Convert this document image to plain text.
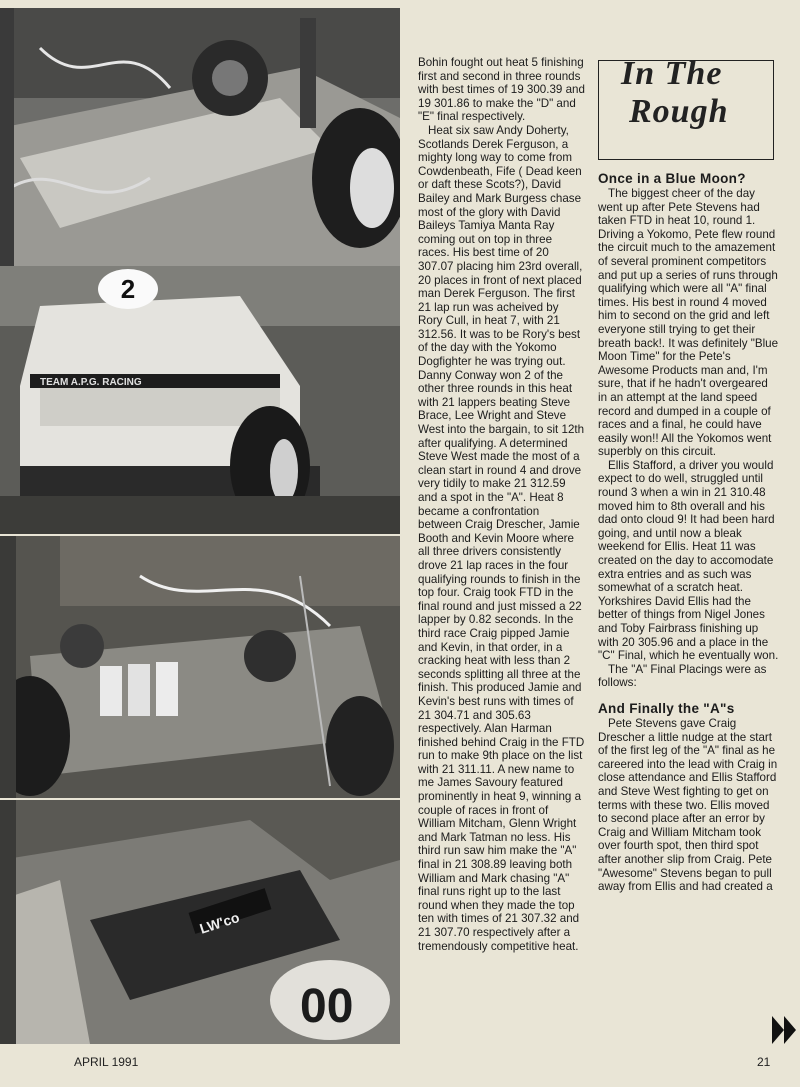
2
TEAM A.P.G. RACING
LW'co
00

Bohin fought out heat 5 finishing first and second in three rounds with best times of 19 300.39 and 19 301.86 to make the "D" and "E" final respectively.

Heat six saw Andy Doherty, Scotlands Derek Ferguson, a mighty long way to come from Cowdenbeath, Fife ( Dead keen or daft these Scots?), David Bailey and Mark Burgess chase most of the glory with David Baileys Tamiya Manta Ray coming out on top in three races. His best time of 20 307.07 placing him 23rd overall, 20 places in front of next placed man Derek Ferguson. The first 21 lap run was acheived by Rory Cull, in heat 7, with 21 312.56. It was to be Rory's best of the day with the Yokomo Dogfighter he was trying out. Danny Conway won 2 of the other three rounds in this heat with 21 lappers beating Steve Brace, Lee Wright and Steve West into the bargain, to sit 12th after qualifying. A determined Steve West made the most of a clean start in round 4 and drove very tidily to make 21 312.59 and a spot in the "A". Heat 8 became a confrontation between Craig Drescher, Jamie Booth and Kevin Moore where all three drivers consistently drove 21 lap races in the four qualifying rounds to finish in the top four. Craig took FTD in the final round and just missed a 22 lapper by 0.82 seconds. In the third race Craig pipped Jamie and Kevin, in that order, in a cracking heat with less than 2 seconds splitting all three at the finish. This produced Jamie and Kevin's best runs with times of 21 304.71 and 305.63 respectively. Alan Harman finished behind Craig in the FTD run to make 9th place on the list with 21 311.11. A new name to me James Savoury featured prominently in heat 9, winning a couple of races in front of William Mitcham, Glenn Wright and Mark Tatman no less. His third run saw him make the "A" final in 21 308.89 leaving both William and Mark chasing "A" final runs right up to the last round when they made the top ten with times of 21 307.32 and 21 307.70 respectively after a tremendously competitive heat.

In The
Rough
Once in a Blue Moon?

The biggest cheer of the day went up after Pete Stevens had taken FTD in heat 10, round 1. Driving a Yokomo, Pete flew round the circuit much to the amazement of several prominent competitors and put up a series of runs through qualifying which were all "A" final times. His best in round 4 moved him to second on the grid and left everyone still trying to get their breath back!. It was definitely "Blue Moon Time" for the Pete's Awesome Products man and, I'm sure, that if he hadn't overgeared in an attempt at the land speed record and dumped in a couple of races and a final, he could have easily won!! All the Yokomos went superbly on this circuit.

Ellis Stafford, a driver you would expect to do well, struggled until round 3 when a win in 21 310.48 moved him to 8th overall and his dad onto cloud 9! It had been hard going, and until now a bleak weekend for Ellis. Heat 11 was created on the day to accomodate extra entries and as such was somewhat of a scratch heat. Yorkshires David Ellis had the better of things from Nigel Jones and Toby Fairbrass finishing up with 20 305.96 and a place in the "C" Final, which he eventually won.

The "A" Final Placings were as follows:

And Finally the "A"s

Pete Stevens gave Craig Drescher a little nudge at the start of the first leg of the "A" final as he careered into the lead with Craig in close attendance and Ellis Stafford and Steve West fighting to get on terms with these two. Ellis moved to second place after an error by Craig and William Mitcham took over fourth spot, then third spot after another slip from Craig. Pete "Awesome" Stevens began to pull away from Ellis and had created a

APRIL 1991	21
